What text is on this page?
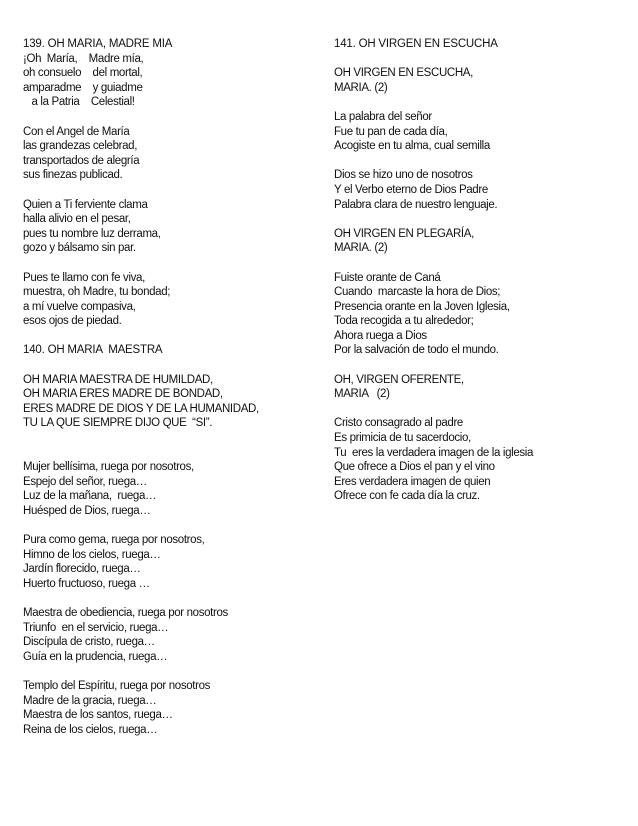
139. OH MARIA, MADRE MIA
¡Oh  María,    Madre mía,
oh consuelo    del mortal,
amparadme    y guiadme
a la Patria    Celestial!
Con el Angel de María
las grandezas celebrad,
transportados de alegría
sus finezas publicad.
Quien a Ti ferviente clama
halla alivio en el pesar,
pues tu nombre luz derrama,
gozo y bálsamo sin par.
Pues te llamo con fe viva,
muestra, oh Madre, tu bondad;
a mí vuelve compasiva,
esos ojos de piedad.
140. OH MARIA  MAESTRA
OH MARIA MAESTRA DE HUMILDAD,
OH MARIA ERES MADRE DE BONDAD,
ERES MADRE DE DIOS Y DE LA HUMANIDAD,
TU LA QUE SIEMPRE DIJO QUE  “SI”.
Mujer bellísima, ruega por nosotros,
Espejo del señor, ruega…
Luz de la mañana,  ruega…
Huésped de Dios, ruega…
Pura como gema, ruega por nosotros,
Himno de los cielos, ruega…
Jardín florecido, ruega…
Huerto fructuoso, ruega …
Maestra de obediencia, ruega por nosotros
Triunfo  en el servicio, ruega…
Discípula de cristo, ruega…
Guía en la prudencia, ruega…
Templo del Espíritu, ruega por nosotros
Madre de la gracia, ruega…
Maestra de los santos, ruega…
Reina de los cielos, ruega…
141. OH VIRGEN EN ESCUCHA
OH VIRGEN EN ESCUCHA,
MARIA. (2)
La palabra del señor
Fue tu pan de cada día,
Acogiste en tu alma, cual semilla
Dios se hizo uno de nosotros
Y el Verbo eterno de Dios Padre
Palabra clara de nuestro lenguaje.
OH VIRGEN EN PLEGARÍA,
MARIA. (2)
Fuiste orante de Caná
Cuando  marcaste la hora de Dios;
Presencia orante en la Joven Iglesia,
Toda recogida a tu alrededor;
Ahora ruega a Dios
Por la salvación de todo el mundo.
OH, VIRGEN OFERENTE,
MARIA   (2)
Cristo consagrado al padre
Es primicia de tu sacerdocio,
Tu  eres la verdadera imagen de la iglesia
Que ofrece a Dios el pan y el vino
Eres verdadera imagen de quien
Ofrece con fe cada día la cruz.
